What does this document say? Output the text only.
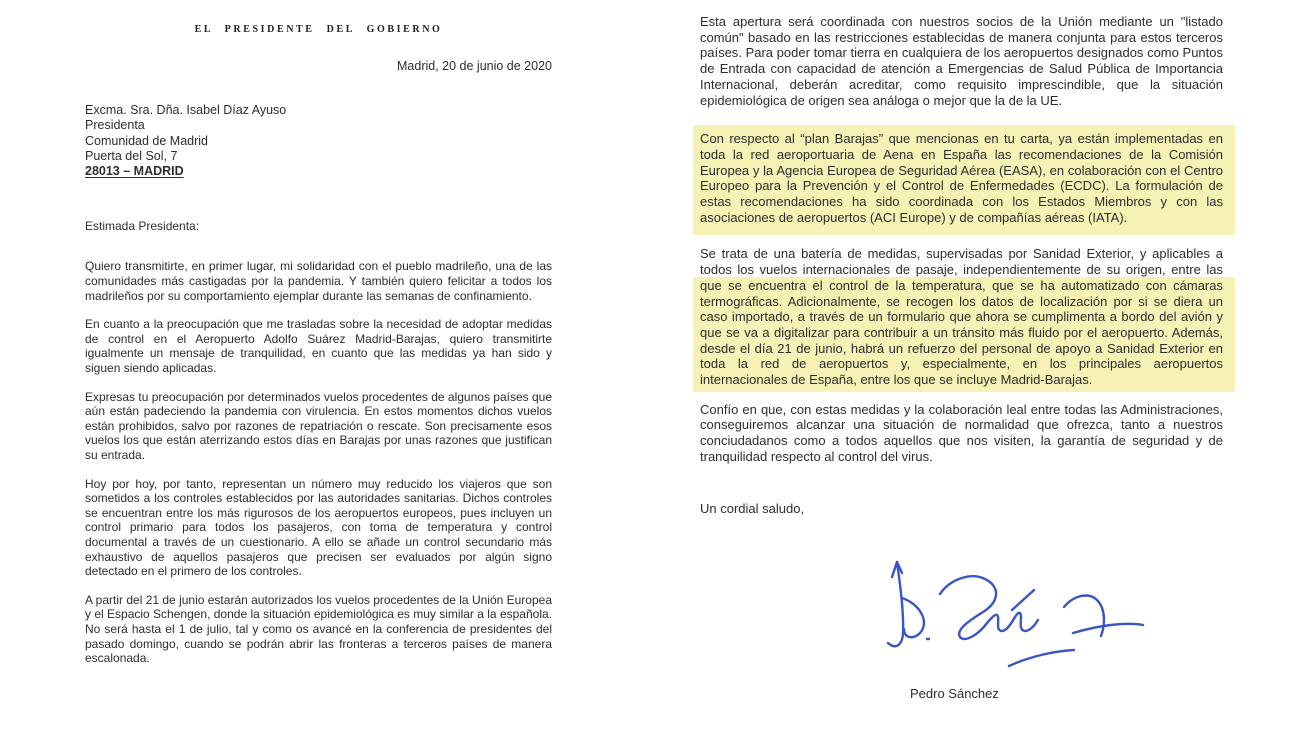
EL PRESIDENTE DEL GOBIERNO
Madrid, 20 de junio de 2020
Excma. Sra. Dña. Isabel Díaz Ayuso
Presidenta
Comunidad de Madrid
Puerta del Sol, 7
28013 – MADRID
Estimada Presidenta:

Quiero transmitirte, en primer lugar, mi solidaridad con el pueblo madrileño, una de las comunidades más castigadas por la pandemia. Y también quiero felicitar a todos los madrileños por su comportamiento ejemplar durante las semanas de confinamiento.

En cuanto a la preocupación que me trasladas sobre la necesidad de adoptar medidas de control en el Aeropuerto Adolfo Suárez Madrid-Barajas, quiero transmitirte igualmente un mensaje de tranquilidad, en cuanto que las medidas ya han sido y siguen siendo aplicadas.

Expresas tu preocupación por determinados vuelos procedentes de algunos países que aún están padeciendo la pandemia con virulencia. En estos momentos dichos vuelos están prohibidos, salvo por razones de repatriación o rescate. Son precisamente esos vuelos los que están aterrizando estos días en Barajas por unas razones que justifican su entrada.

Hoy por hoy, por tanto, representan un número muy reducido los viajeros que son sometidos a los controles establecidos por las autoridades sanitarias. Dichos controles se encuentran entre los más rigurosos de los aeropuertos europeos, pues incluyen un control primario para todos los pasajeros, con toma de temperatura y control documental a través de un cuestionario. A ello se añade un control secundario más exhaustivo de aquellos pasajeros que precisen ser evaluados por algún signo detectado en el primero de los controles.

A partir del 21 de junio estarán autorizados los vuelos procedentes de la Unión Europea y el Espacio Schengen, donde la situación epidemiológica es muy similar a la española. No será hasta el 1 de julio, tal y como os avancé en la conferencia de presidentes del pasado domingo, cuando se podrán abrir las fronteras a terceros países de manera escalonada.

Esta apertura será coordinada con nuestros socios de la Unión mediante un "listado común" basado en las restricciones establecidas de manera conjunta para estos terceros países. Para poder tomar tierra en cualquiera de los aeropuertos designados como Puntos de Entrada con capacidad de atención a Emergencias de Salud Pública de Importancia Internacional, deberán acreditar, como requisito imprescindible, que la situación epidemiológica de origen sea análoga o mejor que la de la UE.

Con respecto al “plan Barajas” que mencionas en tu carta, ya están implementadas en toda la red aeroportuaria de Aena en España las recomendaciones de la Comisión Europea y la Agencia Europea de Seguridad Aérea (EASA), en colaboración con el Centro Europeo para la Prevención y el Control de Enfermedades (ECDC). La formulación de estas recomendaciones ha sido coordinada con los Estados Miembros y con las asociaciones de aeropuertos (ACI Europe) y de compañías aéreas (IATA).

Se trata de una batería de medidas, supervisadas por Sanidad Exterior, y aplicables a todos los vuelos internacionales de pasaje, independientemente de su origen, entre las que se encuentra el control de la temperatura, que se ha automatizado con cámaras termográficas. Adicionalmente, se recogen los datos de localización por si se diera un caso importado, a través de un formulario que ahora se cumplimenta a bordo del avión y que se va a digitalizar para contribuir a un tránsito más fluido por el aeropuerto. Además, desde el día 21 de junio, habrá un refuerzo del personal de apoyo a Sanidad Exterior en toda la red de aeropuertos y, especialmente, en los principales aeropuertos internacionales de España, entre los que se incluye Madrid-Barajas.

Confío en que, con estas medidas y la colaboración leal entre todas las Administraciones, conseguiremos alcanzar una situación de normalidad que ofrezca, tanto a nuestros conciudadanos como a todos aquellos que nos visiten, la garantía de seguridad y de tranquilidad respecto al control del virus.

Un cordial saludo,
Pedro Sánchez
